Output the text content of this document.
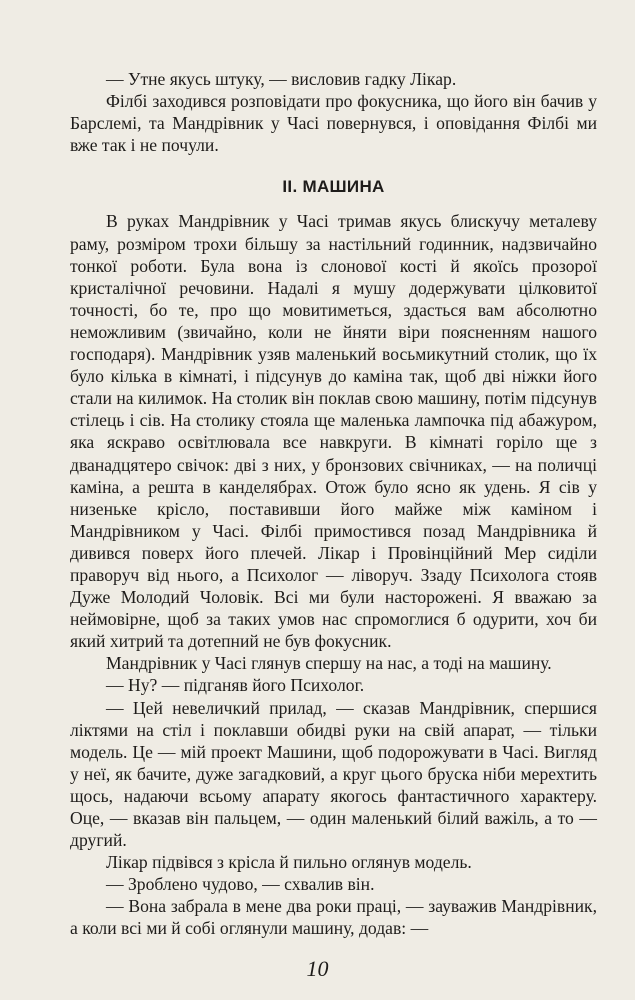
— Утне якусь штуку, — висловив гадку Лікар.

Філбі заходився розповідати про фокусника, що його він бачив у Барслемі, та Мандрівник у Часі повернувся, і оповідання Філбі ми вже так і не почули.

II. МАШИНА

В руках Мандрівник у Часі тримав якусь блискучу металеву раму, розміром трохи більшу за настільний годинник, надзвичайно тонкої роботи. Була вона із слонової кості й якоїсь прозорої кристалічної речовини. Надалі я мушу додержувати цілковитої точності, бо те, про що мовитиметься, здасться вам абсолютно неможливим (звичайно, коли не йняти віри поясненням нашого господаря). Мандрівник узяв маленький восьмикутний столик, що їх було кілька в кімнаті, і підсунув до каміна так, щоб дві ніжки його стали на килимок. На столик він поклав свою машину, потім підсунув стілець і сів. На столику стояла ще маленька лампочка під абажуром, яка яскраво освітлювала все навкруги. В кімнаті горіло ще з дванадцятеро свічок: дві з них, у бронзових свічниках, — на поличці каміна, а решта в канделябрах. Отож було ясно як удень. Я сів у низеньке крісло, поставивши його майже між каміном і Мандрівником у Часі. Філбі примостився позад Мандрівника й дивився поверх його плечей. Лікар і Провінційний Мер сиділи праворуч від нього, а Психолог — ліворуч. Ззаду Психолога стояв Дуже Молодий Чоловік. Всі ми були насторожені. Я вважаю за неймовірне, щоб за таких умов нас спромоглися б одурити, хоч би який хитрий та дотепний не був фокусник.

Мандрівник у Часі глянув спершу на нас, а тоді на машину.

— Ну? — підганяв його Психолог.

— Цей невеличкий прилад, — сказав Мандрівник, спершися ліктями на стіл і поклавши обидві руки на свій апарат, — тільки модель. Це — мій проект Машини, щоб подорожувати в Часі. Вигляд у неї, як бачите, дуже загадковий, а круг цього бруска ніби мерехтить щось, надаючи всьому апарату якогось фантастичного характеру. Оце, — вказав він пальцем, — один маленький білий важіль, а то — другий.

Лікар підвівся з крісла й пильно оглянув модель.

— Зроблено чудово, — схвалив він.

— Вона забрала в мене два роки праці, — зауважив Мандрівник, а коли всі ми й собі оглянули машину, додав: —

10
